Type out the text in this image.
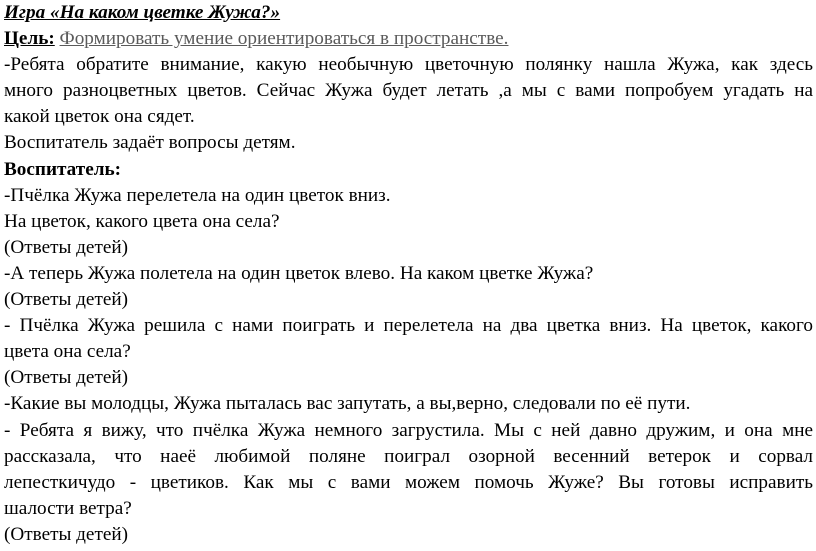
Игра «На каком цветке Жужа?»
Цель: Формировать умение ориентироваться в пространстве.
-Ребята обратите внимание, какую необычную цветочную полянку нашла Жужа, как здесь
много разноцветных цветов. Сейчас Жужа будет летать ,а мы с вами попробуем угадать на
какой цветок она сядет.
Воспитатель задаёт вопросы детям.
Воспитатель:
-Пчёлка Жужа перелетела на один цветок вниз.
На цветок, какого цвета она села?
(Ответы детей)
-А теперь Жужа полетела на один цветок влево. На каком цветке Жужа?
(Ответы детей)
- Пчёлка Жужа решила с нами поиграть и перелетела на два цветка вниз. На цветок, какого
цвета она села?
(Ответы детей)
-Какие вы молодцы, Жужа пыталась вас запутать, а вы,верно, следовали по её пути.
- Ребята я вижу, что пчёлка Жужа немного загрустила. Мы с ней давно дружим, и она мне
рассказала, что наеё любимой поляне поиграл озорной весенний ветерок и сорвал
лепесткичудо - цветиков. Как мы с вами можем помочь Жуже? Вы готовы исправить
шалости ветра?
(Ответы детей)
